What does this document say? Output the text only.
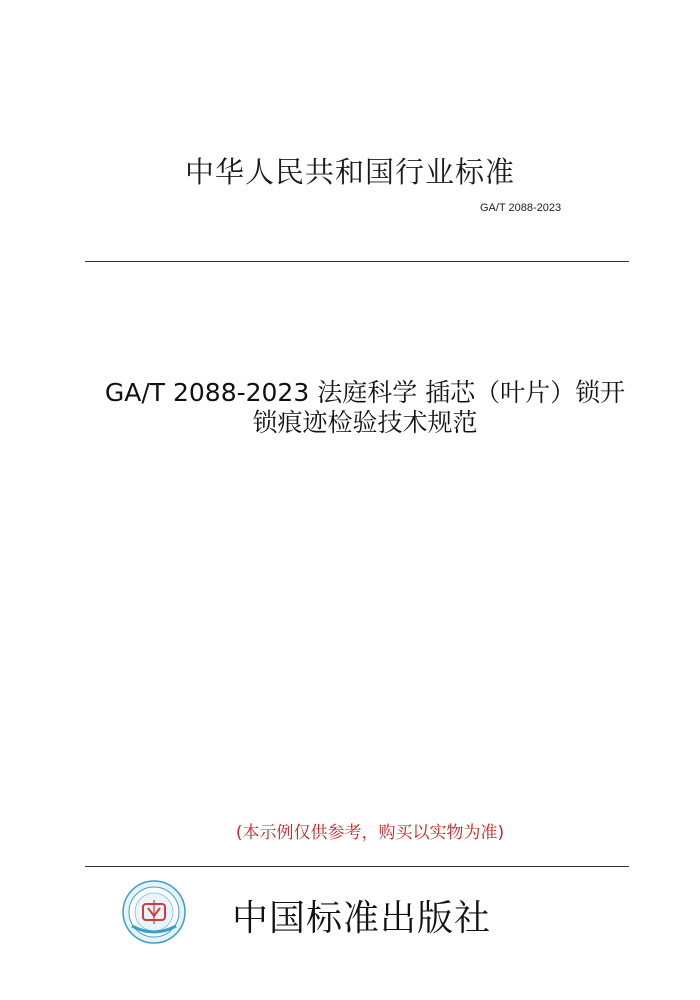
中华人民共和国行业标准
GA/T 2088-2023
GA/T 2088-2023 法庭科学 插芯（叶片）锁开
锁痕迹检验技术规范
(本示例仅供参考，购买以实物为准)
中国标准出版社
